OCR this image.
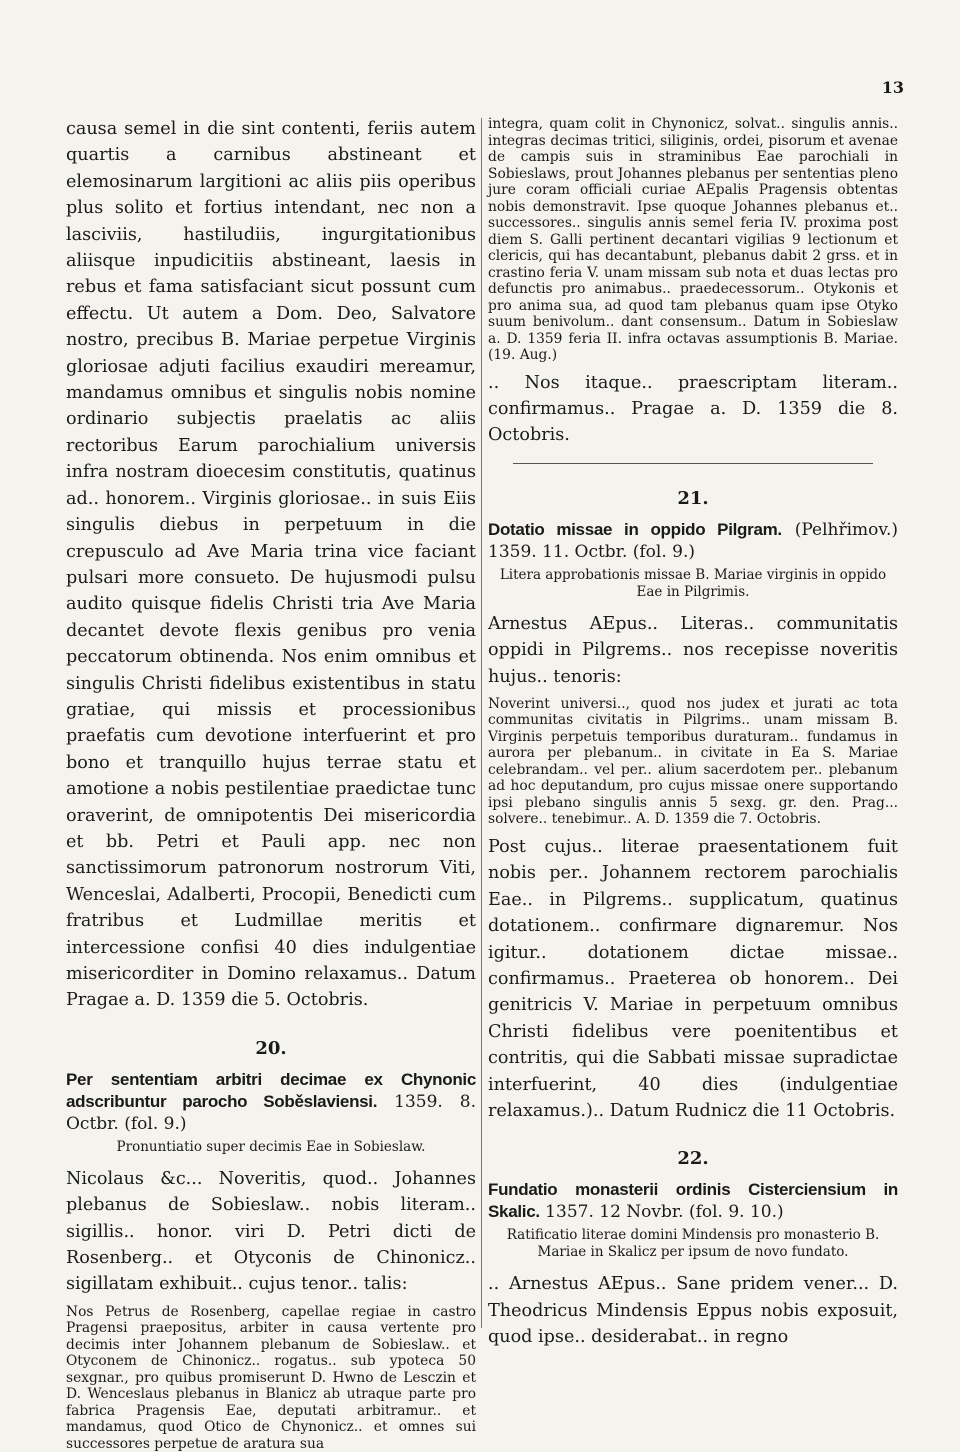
13

causa semel in die sint contenti, feriis autem quartis a carnibus abstineant et elemosinarum largitioni ac aliis piis operibus plus solito et fortius intendant, nec non a lasciviis, hastiludiis, ingurgitationibus aliisque inpudicitiis abstineant, laesis in rebus et fama satisfaciant sicut possunt cum effectu. Ut autem a Dom. Deo, Salvatore nostro, precibus B. Mariae perpetue Virginis gloriosae adjuti facilius exaudiri mereamur, mandamus omnibus et singulis nobis nomine ordinario subjectis praelatis ac aliis rectoribus Earum parochialium universis infra nostram dioecesim constitutis, quatinus ad.. honorem.. Virginis gloriosae.. in suis Eiis singulis diebus in perpetuum in die crepusculo ad Ave Maria trina vice faciant pulsari more consueto. De hujusmodi pulsu audito quisque fidelis Christi tria Ave Maria decantet devote flexis genibus pro venia peccatorum obtinenda. Nos enim omnibus et singulis Christi fidelibus existentibus in statu gratiae, qui missis et processionibus praefatis cum devotione interfuerint et pro bono et tranquillo hujus terrae statu et amotione a nobis pestilentiae praedictae tunc oraverint, de omnipotentis Dei misericordia et bb. Petri et Pauli app. nec non sanctissimorum patronorum nostrorum Viti, Wenceslai, Adalberti, Procopii, Benedicti cum fratribus et Ludmillae meritis et intercessione confisi 40 dies indulgentiae misericorditer in Domino relaxamus.. Datum Pragae a. D. 1359 die 5. Octobris.

20.

Per sententiam arbitri decimae ex Chynonic adscribuntur parocho Soběslaviensi. 1359. 8. Octbr. (fol. 9.)

Pronuntiatio super decimis Eae in Sobieslaw.

Nicolaus &c... Noveritis, quod.. Johannes plebanus de Sobieslaw.. nobis literam.. sigillis.. honor. viri D. Petri dicti de Rosenberg.. et Otyconis de Chinonicz.. sigillatam exhibuit.. cujus tenor.. talis:

Nos Petrus de Rosenberg, capellae regiae in castro Pragensi praepositus, arbiter in causa vertente pro decimis inter Johannem plebanum de Sobieslaw.. et Otyconem de Chinonicz.. rogatus.. sub ypoteca 50 sexgnar., pro quibus promiserunt D. Hwno de Lesczin et D. Wenceslaus plebanus in Blanicz ab utraque parte pro fabrica Pragensis Eae, deputati arbitramur.. et mandamus, quod Otico de Chynonicz.. et omnes sui successores perpetue de aratura sua

integra, quam colit in Chynonicz, solvat.. singulis annis.. integras decimas tritici, siliginis, ordei, pisorum et avenae de campis suis in straminibus Eae parochiali in Sobieslaws, prout Johannes plebanus per sententias pleno jure coram officiali curiae AEpalis Pragensis obtentas nobis demonstravit. Ipse quoque Johannes plebanus et.. successores.. singulis annis semel feria IV. proxima post diem S. Galli pertinent decantari vigilias 9 lectionum et clericis, qui has decantabunt, plebanus dabit 2 grss. et in crastino feria V. unam missam sub nota et duas lectas pro defunctis pro animabus.. praedecessorum.. Otykonis et pro anima sua, ad quod tam plebanus quam ipse Otyko suum benivolum.. dant consensum.. Datum in Sobieslaw a. D. 1359 feria II. infra octavas assumptionis B. Mariae. (19. Aug.)

.. Nos itaque.. praescriptam literam.. confirmamus.. Pragae a. D. 1359 die 8. Octobris.

21.

Dotatio missae in oppido Pilgram. (Pelhřimov.) 1359. 11. Octbr. (fol. 9.)

Litera approbationis missae B. Mariae virginis in oppido Eae in Pilgrimis.

Arnestus AEpus.. Literas.. communitatis oppidi in Pilgrems.. nos recepisse noveritis hujus.. tenoris:

Noverint universi.., quod nos judex et jurati ac tota communitas civitatis in Pilgrims.. unam missam B. Virginis perpetuis temporibus duraturam.. fundamus in aurora per plebanum.. in civitate in Ea S. Mariae celebrandam.. vel per.. alium sacerdotem per.. plebanum ad hoc deputandum, pro cujus missae onere supportando ipsi plebano singulis annis 5 sexg. gr. den. Prag... solvere.. tenebimur.. A. D. 1359 die 7. Octobris.

Post cujus.. literae praesentationem fuit nobis per.. Johannem rectorem parochialis Eae.. in Pilgrems.. supplicatum, quatinus dotationem.. confirmare dignaremur. Nos igitur.. dotationem dictae missae.. confirmamus.. Praeterea ob honorem.. Dei genitricis V. Mariae in perpetuum omnibus Christi fidelibus vere poenitentibus et contritis, qui die Sabbati missae supradictae interfuerint, 40 dies (indulgentiae relaxamus.).. Datum Rudnicz die 11 Octobris.

22.

Fundatio monasterii ordinis Cisterciensium in Skalic. 1357. 12 Novbr. (fol. 9. 10.)

Ratificatio literae domini Mindensis pro monasterio B. Mariae in Skalicz per ipsum de novo fundato.

.. Arnestus AEpus.. Sane pridem vener... D. Theodricus Mindensis Eppus nobis exposuit, quod ipse.. desiderabat.. in regno
